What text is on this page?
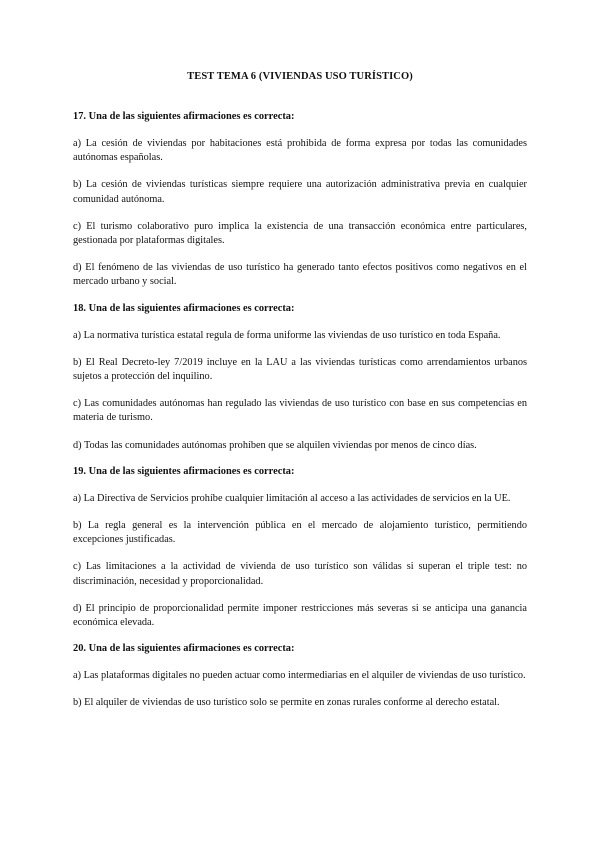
TEST TEMA 6 (VIVIENDAS USO TURÍSTICO)
17. Una de las siguientes afirmaciones es correcta:
a) La cesión de viviendas por habitaciones está prohibida de forma expresa por todas las comunidades autónomas españolas.
b) La cesión de viviendas turísticas siempre requiere una autorización administrativa previa en cualquier comunidad autónoma.
c) El turismo colaborativo puro implica la existencia de una transacción económica entre particulares, gestionada por plataformas digitales.
d) El fenómeno de las viviendas de uso turístico ha generado tanto efectos positivos como negativos en el mercado urbano y social.
18. Una de las siguientes afirmaciones es correcta:
a) La normativa turística estatal regula de forma uniforme las viviendas de uso turístico en toda España.
b) El Real Decreto-ley 7/2019 incluye en la LAU a las viviendas turísticas como arrendamientos urbanos sujetos a protección del inquilino.
c) Las comunidades autónomas han regulado las viviendas de uso turístico con base en sus competencias en materia de turismo.
d) Todas las comunidades autónomas prohíben que se alquilen viviendas por menos de cinco días.
19. Una de las siguientes afirmaciones es correcta:
a) La Directiva de Servicios prohíbe cualquier limitación al acceso a las actividades de servicios en la UE.
b) La regla general es la intervención pública en el mercado de alojamiento turístico, permitiendo excepciones justificadas.
c) Las limitaciones a la actividad de vivienda de uso turístico son válidas si superan el triple test: no discriminación, necesidad y proporcionalidad.
d) El principio de proporcionalidad permite imponer restricciones más severas si se anticipa una ganancia económica elevada.
20. Una de las siguientes afirmaciones es correcta:
a) Las plataformas digitales no pueden actuar como intermediarias en el alquiler de viviendas de uso turístico.
b) El alquiler de viviendas de uso turístico solo se permite en zonas rurales conforme al derecho estatal.
